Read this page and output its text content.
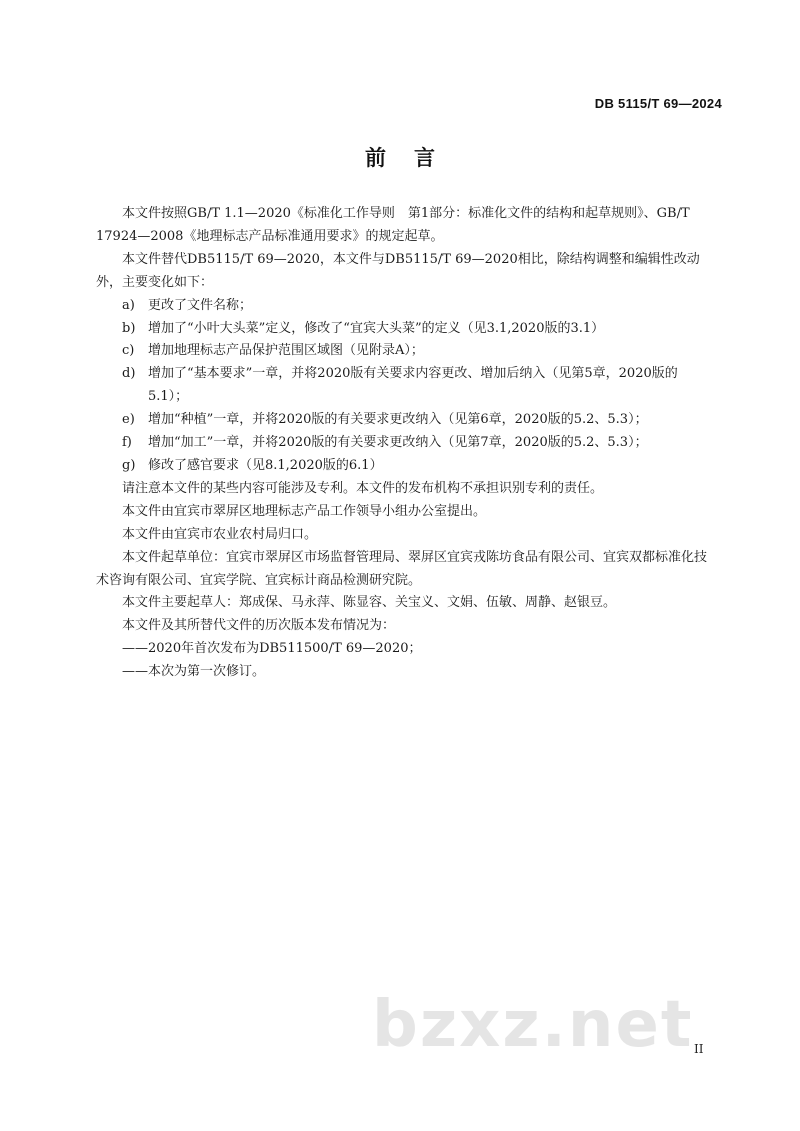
DB 5115/T 69—2024
前言

本文件按照GB/T 1.1—2020《标准化工作导则　第1部分：标准化文件的结构和起草规则》、GB/T 17924—2008《地理标志产品标准通用要求》的规定起草。

本文件替代DB5115/T 69—2020，本文件与DB5115/T 69—2020相比，除结构调整和编辑性改动外，主要变化如下：

a)	更改了文件名称；
b) 增加了“小叶大头菜”定义，修改了“宜宾大头菜”的定义（见3.1,2020版的3.1）
c)	增加地理标志产品保护范围区域图（见附录A）；
d) 增加了“基本要求”一章，并将2020版有关要求内容更改、增加后纳入（见第5章，2020版的5.1）；
e)	增加“种植”一章，并将2020版的有关要求更改纳入（见第6章，2020版的5.2、5.3）；
f)	增加“加工”一章，并将2020版的有关要求更改纳入（见第7章，2020版的5.2、5.3）；
g) 修改了感官要求（见8.1,2020版的6.1）

请注意本文件的某些内容可能涉及专利。本文件的发布机构不承担识别专利的责任。

本文件由宜宾市翠屏区地理标志产品工作领导小组办公室提出。

本文件由宜宾市农业农村局归口。

本文件起草单位：宜宾市翠屏区市场监督管理局、翠屏区宜宾戎陈坊食品有限公司、宜宾双都标准化技术咨询有限公司、宜宾学院、宜宾标计商品检测研究院。

本文件主要起草人：郑成保、马永萍、陈显容、关宝义、文娟、伍敏、周静、赵银豆。

本文件及其所替代文件的历次版本发布情况为：

——2020年首次发布为DB511500/T 69—2020；

——本次为第一次修订。

bzxz.net II
